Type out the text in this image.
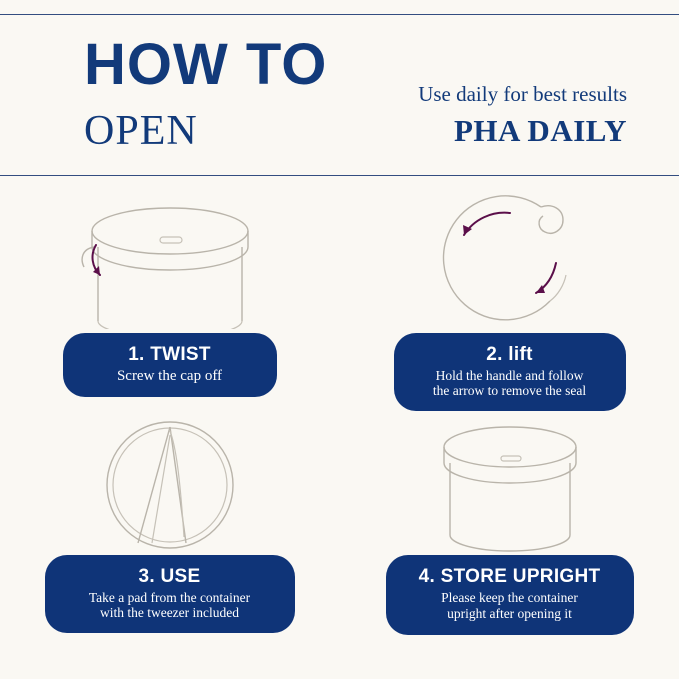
HOW TO

OPEN

Use daily for best results

PHA DAILY

1. TWIST

Screw the cap off

2. lift

Hold the handle and follow
the arrow to remove the seal

3. USE

Take a pad from the container
with the tweezer included

4. STORE UPRIGHT

Please keep the container
upright after opening it
